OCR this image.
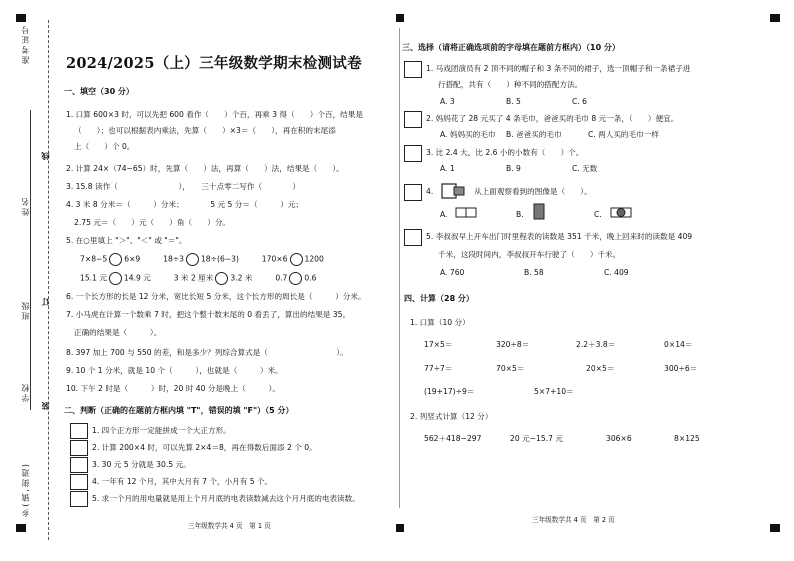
准考证号
姓名
班级
学校
乡(镇,街道)
线
订
装
2024/2025（上）三年级数学期末检测试卷
一、填空（30 分）
1. 口算 600×3 时，可以先把 600 看作（　　）个百，再乘 3 得（　　）个百，结果是
（　　）；也可以根据表内乘法，先算（　　）×3＝（　　），再在积的末尾添
上（　　）个 0。
2. 计算 24×（74−65）时，先算（　　）法，再算（　　）法，结果是（　　）。
3. 15.8 读作（　　　　　　　　），　　三十点零二写作（　　　　）
4. 3 米 8 分米＝（　　　）分米；　　　　5 元 5 分＝（　　　）元；
2.75 元＝（　　）元（　　）角（　　）分。
5. 在○里填上 "＞"、"＜" 或 "＝"。
7×8−5 6×9	18÷3 18÷(6−3)	170×6 1200
15.1 元 14.9 元	3 米 2 厘米 3.2 米	0.7 0.6
6. 一个长方形的长是 12 分米，宽比长短 5 分米，这个长方形的周长是（　　　）分米。
7. 小马虎在计算一个数乘 7 时，把这个整十数末尾的 0 看丢了，算出的结果是 35。
正确的结果是（　　　）。
8. 397 加上 700 与 550 的差，和是多少？列综合算式是（　　　　　　　　　）。
9. 10 个 1 分米，就是 10 个（　　　），也就是（　　　）米。
10. 下午 2 时是（　　　）时，20 时 40 分是晚上（　　　）。
二、判断（正确的在题前方框内填 "T"，错误的填 "F"）（5 分）
1. 四个正方形一定能拼成一个大正方形。
2. 计算 200×4 时，可以先算 2×4＝8，再在得数后面添 2 个 0。
3. 30 元 5 分就是 30.5 元。
4. 一年有 12 个月，其中大月有 7 个，小月有 5 个。
5. 求一个月的用电量就是用上个月月底的电表读数减去这个月月底的电表读数。
三年级数学共 4 页　第 1 页
三、选择（请将正确选项前的字母填在题前方框内）（10 分）
1. 马戏团演员有 2 顶不同的帽子和 3 条不同的裙子，选一顶帽子和一条裙子进
行搭配，共有（　　）种不同的搭配方法。
A. 3	B. 5	C. 6
2. 妈妈花了 28 元买了 4 条毛巾，爸爸买的毛巾 8 元一条，（　　）便宜。
A. 妈妈买的毛巾 B. 爸爸买的毛巾	C. 两人买的毛巾一样
3. 比 2.4 大，比 2.6 小的小数有（　　）个。
A. 1	B. 9	C. 无数
4.	从上面观察看到的图像是（　　）。
A.	B.	C.
5. 李叔叔早上开车出门时里程表的读数是 351 千米，晚上回来时的读数是 409
千米，这段时间内，李叔叔开车行驶了（　　）千米。
A. 760	B. 58	C. 409
四、计算（28 分）
1. 口算（10 分）
17×5＝	320÷8＝	2.2＋3.8＝	0×14＝
77÷7＝	70×5＝	20×5＝	300÷6＝
(19+17)÷9＝	5×7+10＝
2. 列竖式计算（12 分）
562＋418−297	20 元−15.7 元	306×6	8×125
三年级数学共 4 页　第 2 页
